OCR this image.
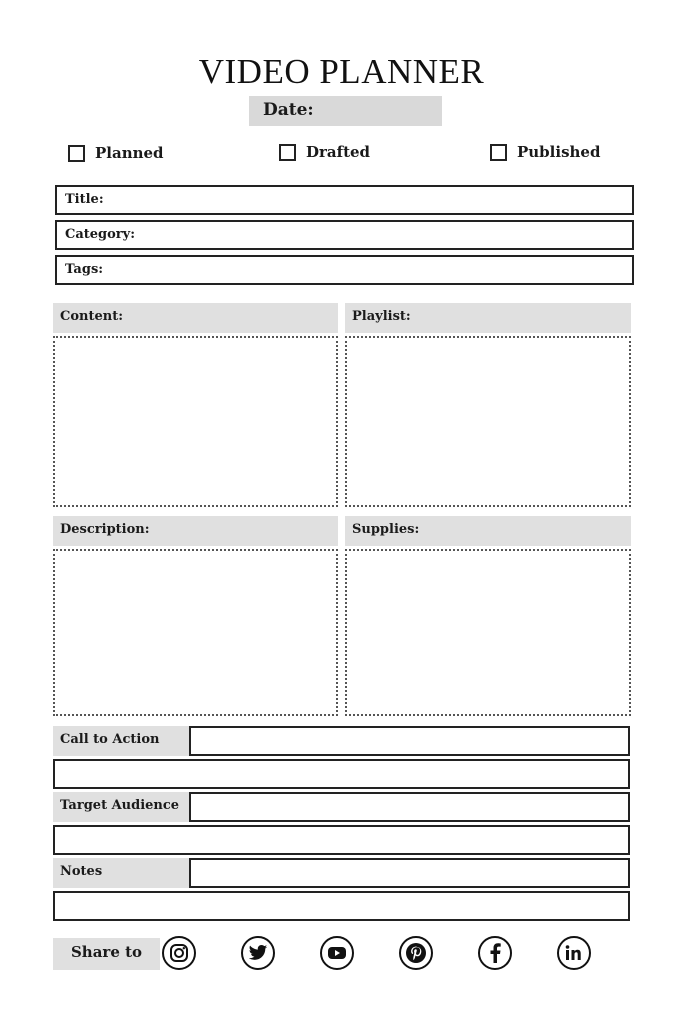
VIDEO PLANNER
Date:
Planned	Drafted	Published
Title:
Category:
Tags:
Content:	Playlist:
Description:	Supplies:
Call to Action
Target Audience
Notes
Share to
